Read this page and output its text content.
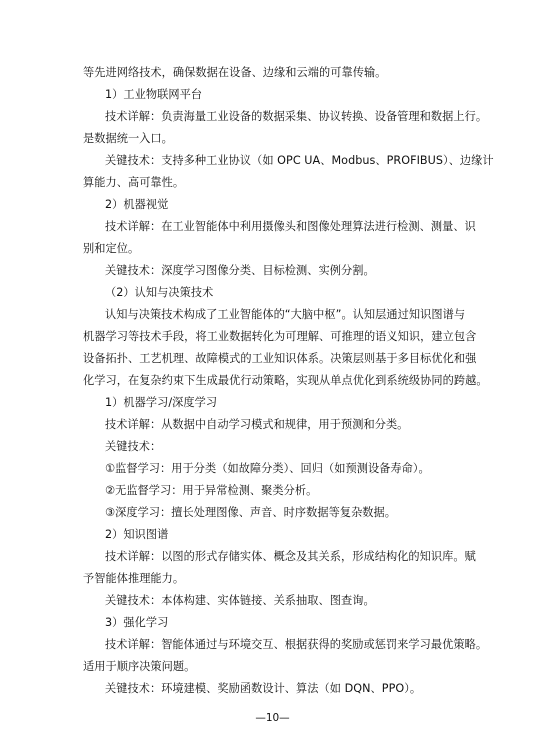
等先进网络技术，确保数据在设备、边缘和云端的可靠传输。
1）工业物联网平台
技术详解：负责海量工业设备的数据采集、协议转换、设备管理和数据上行。
是数据统一入口。
关键技术：支持多种工业协议（如 OPC UA、Modbus、PROFIBUS）、边缘计
算能力、高可靠性。
2）机器视觉
技术详解：在工业智能体中利用摄像头和图像处理算法进行检测、测量、识
别和定位。
关键技术：深度学习图像分类、目标检测、实例分割。
（2）认知与决策技术
认知与决策技术构成了工业智能体的“大脑中枢”。认知层通过知识图谱与
机器学习等技术手段，将工业数据转化为可理解、可推理的语义知识，建立包含
设备拓扑、工艺机理、故障模式的工业知识体系。决策层则基于多目标优化和强
化学习，在复杂约束下生成最优行动策略，实现从单点优化到系统级协同的跨越。
1）机器学习/深度学习
技术详解：从数据中自动学习模式和规律，用于预测和分类。
关键技术：
①监督学习：用于分类（如故障分类）、回归（如预测设备寿命）。
②无监督学习：用于异常检测、聚类分析。
③深度学习：擅长处理图像、声音、时序数据等复杂数据。
2）知识图谱
技术详解：以图的形式存储实体、概念及其关系，形成结构化的知识库。赋
予智能体推理能力。
关键技术：本体构建、实体链接、关系抽取、图查询。
3）强化学习
技术详解：智能体通过与环境交互、根据获得的奖励或惩罚来学习最优策略。
适用于顺序决策问题。
关键技术：环境建模、奖励函数设计、算法（如 DQN、PPO）。
—10—
